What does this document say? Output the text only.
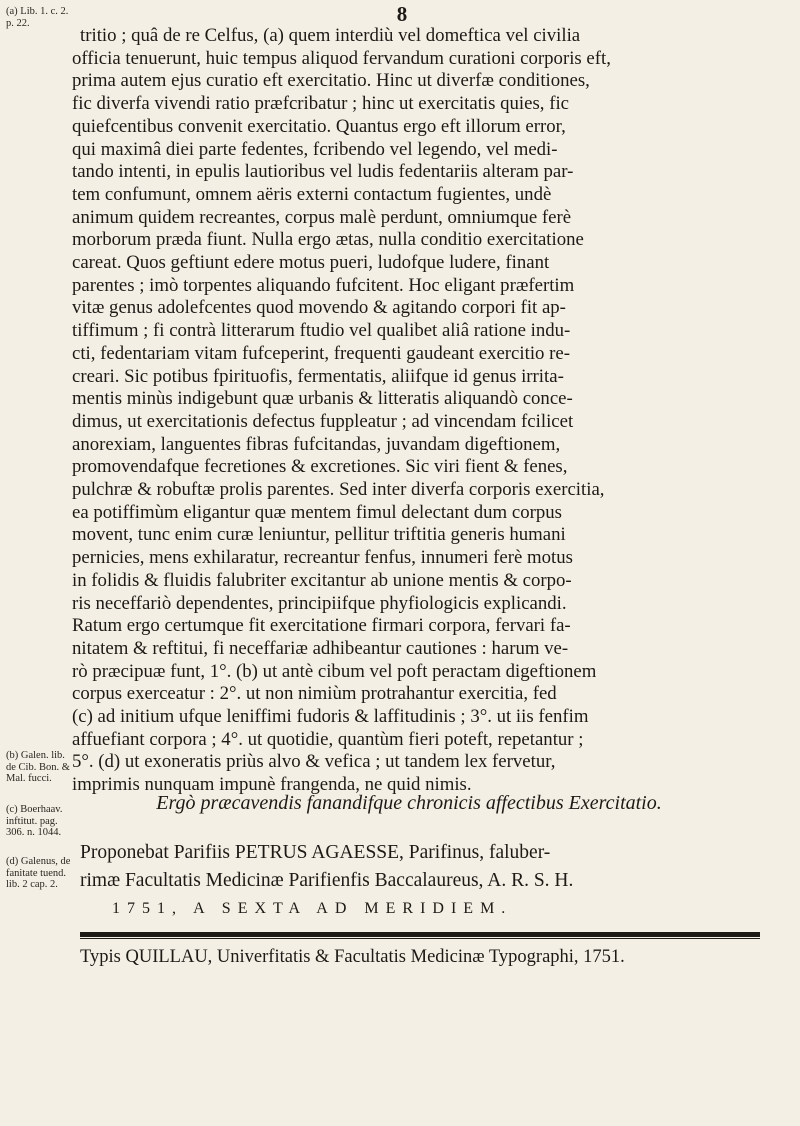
8
(a) Lib. 1. c. 2. p. 22.
(b) Galen. lib. de Cib. Bon. & Mal. fucci.
(c) Boerhaav. inftitut. pag. 306. n. 1044.
(d) Galenus, de fanitate tuend. lib. 2 cap. 2.
tritio ; quâ de re Celfus, (a) quem interdiù vel domeftica vel civilia
officia tenuerunt, huic tempus aliquod fervandum curationi corporis eft,
prima autem ejus curatio eft exercitatio. Hinc ut diverfæ conditiones,
fic diverfa vivendi ratio præfcribatur ; hinc ut exercitatis quies, fic
quiefcentibus convenit exercitatio. Quantus ergo eft illorum error,
qui maximâ diei parte fedentes, fcribendo vel legendo, vel medi-
tando intenti, in epulis lautioribus vel ludis fedentariis alteram par-
tem confumunt, omnem aëris externi contactum fugientes, undè
animum quidem recreantes, corpus malè perdunt, omniumque ferè
morborum præda fiunt. Nulla ergo ætas, nulla conditio exercitatione
careat. Quos geftiunt edere motus pueri, ludofque ludere, finant
parentes ; imò torpentes aliquando fufcitent. Hoc eligant præfertim
vitæ genus adolefcentes quod movendo & agitando corpori fit ap-
tiffimum ; fi contrà litterarum ftudio vel qualibet aliâ ratione indu-
cti, fedentariam vitam fufceperint, frequenti gaudeant exercitio re-
creari. Sic potibus fpirituofis, fermentatis, aliifque id genus irrita-
mentis minùs indigebunt quæ urbanis & litteratis aliquandò conce-
dimus, ut exercitationis defectus fuppleatur ; ad vincendam fcilicet
anorexiam, languentes fibras fufcitandas, juvandam digeftionem,
promovendafque fecretiones & excretiones. Sic viri fient & fenes,
pulchræ & robuftæ prolis parentes. Sed inter diverfa corporis exercitia,
ea potiffimùm eligantur quæ mentem fimul delectant dum corpus
movent, tunc enim curæ leniuntur, pellitur triftitia generis humani
pernicies, mens exhilaratur, recreantur fenfus, innumeri ferè motus
in folidis & fluidis falubriter excitantur ab unione mentis & corpo-
ris neceffariò dependentes, principiifque phyfiologicis explicandi.
Ratum ergo certumque fit exercitatione firmari corpora, fervari fa-
nitatem & reftitui, fi neceffariæ adhibeantur cautiones : harum ve-
rò præcipuæ funt, 1°. (b) ut antè cibum vel poft peractam digeftionem
corpus exerceatur : 2°. ut non nimiùm protrahantur exercitia, fed
(c) ad initium ufque leniffimi fudoris & laffitudinis ; 3°. ut iis fenfim
affuefiant corpora ; 4°. ut quotidie, quantùm fieri poteft, repetantur ;
5°. (d) ut exoneratis priùs alvo & vefica ; ut tandem lex fervetur,
imprimis nunquam impunè frangenda, ne quid nimis.
Ergò præcavendis fanandifque chronicis affectibus Exercitatio.
Proponebat Parifiis PETRUS AGAESSE, Parifinus, faluber-
rimæ Facultatis Medicinæ Parifienfis Baccalaureus, A. R. S. H.
1751, A SEXTA AD MERIDIEM.
Typis QUILLAU, Univerfitatis & Facultatis Medicinæ Typographi, 1751.
